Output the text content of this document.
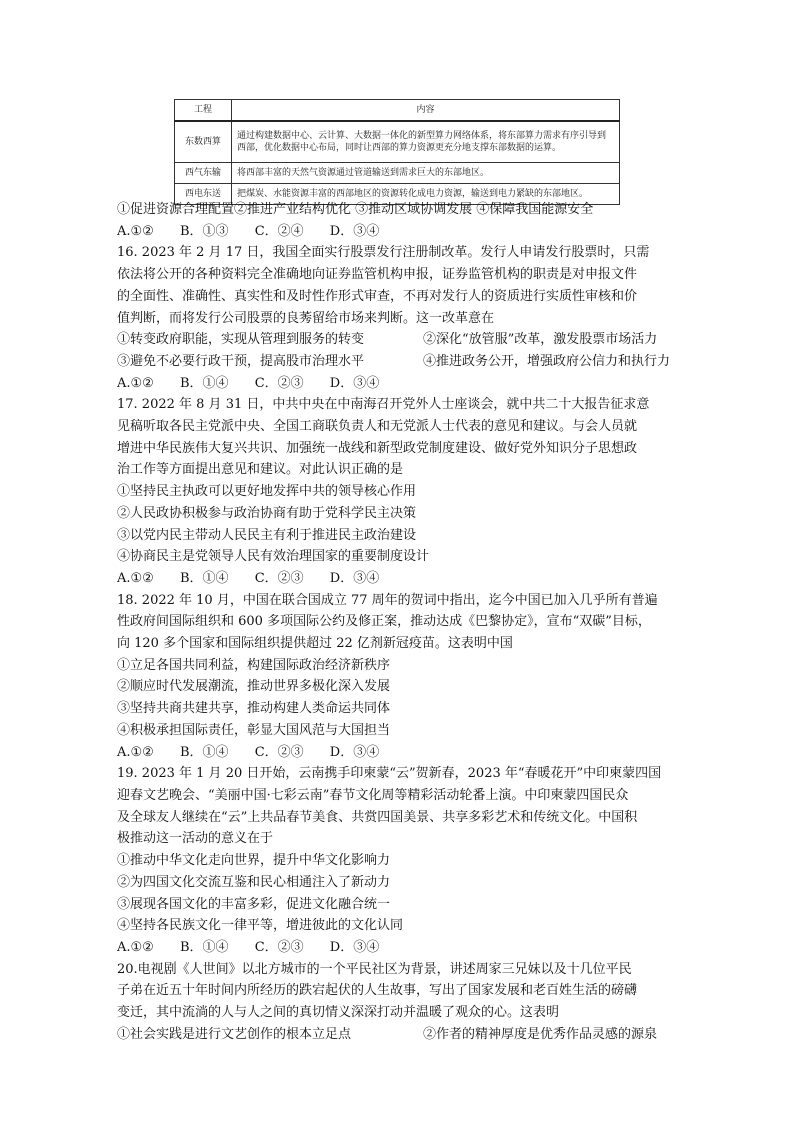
工程	内容
东数西算	通过构建数据中心、云计算、大数据一体化的新型算力网络体系，将东部算力需求有序引导到西部，优化数据中心布局，同时让西部的算力资源更充分地支撑东部数据的运算。
西气东输	将西部丰富的天然气资源通过管道输送到需求巨大的东部地区。
西电东送	把煤炭、水能资源丰富的西部地区的资源转化成电力资源，输送到电力紧缺的东部地区。
①促进资源合理配置②推进产业结构优化 ③推动区域协调发展 ④保障我国能源安全
A.①② B．①③ C．②④ D．③④
16. 2023 年 2 月 17 日，我国全面实行股票发行注册制改革。发行人申请发行股票时，只需
依法将公开的各种资料完全准确地向证券监管机构申报，证券监管机构的职责是对申报文件
的全面性、准确性、真实性和及时性作形式审查，不再对发行人的资质进行实质性审核和价
值判断，而将发行公司股票的良莠留给市场来判断。这一改革意在
①转变政府职能，实现从管理到服务的转变	②深化“放管服”改革，激发股票市场活力
③避免不必要行政干预，提高股市治理水平	④推进政务公开，增强政府公信力和执行力
A.①② B．①④ C．②③ D．③④
17. 2022 年 8 月 31 日，中共中央在中南海召开党外人士座谈会，就中共二十大报告征求意
见稿听取各民主党派中央、全国工商联负责人和无党派人士代表的意见和建议。与会人员就
增进中华民族伟大复兴共识、加强统一战线和新型政党制度建设、做好党外知识分子思想政
治工作等方面提出意见和建议。对此认识正确的是
①坚持民主执政可以更好地发挥中共的领导核心作用
②人民政协积极参与政治协商有助于党科学民主决策
③以党内民主带动人民民主有利于推进民主政治建设
④协商民主是党领导人民有效治理国家的重要制度设计
A.①② B．①④ C．②③ D．③④
18. 2022 年 10 月，中国在联合国成立 77 周年的贺词中指出，迄今中国已加入几乎所有普遍
性政府间国际组织和 600 多项国际公约及修正案，推动达成《巴黎协定》，宣布“双碳”目标，
向 120 多个国家和国际组织提供超过 22 亿剂新冠疫苗。这表明中国
①立足各国共同利益，构建国际政治经济新秩序
②顺应时代发展潮流，推动世界多极化深入发展
③坚持共商共建共享，推动构建人类命运共同体
④积极承担国际责任，彰显大国风范与大国担当
A.①② B．①④ C．②③ D．③④
19. 2023 年 1 月 20 日开始，云南携手印柬蒙“云”贺新春，2023 年“春暖花开”中印柬蒙四国
迎春文艺晚会、“美丽中国·七彩云南”春节文化周等精彩活动轮番上演。中印柬蒙四国民众
及全球友人继续在“云”上共品春节美食、共赏四国美景、共享多彩艺术和传统文化。中国积
极推动这一活动的意义在于
①推动中华文化走向世界，提升中华文化影响力
②为四国文化交流互鉴和民心相通注入了新动力
③展现各国文化的丰富多彩，促进文化融合统一
④坚持各民族文化一律平等，增进彼此的文化认同
A.①② B．①④ C．②③ D．③④
20.电视剧《人世间》以北方城市的一个平民社区为背景，讲述周家三兄妹以及十几位平民
子弟在近五十年时间内所经历的跌宕起伏的人生故事，写出了国家发展和老百姓生活的磅礴
变迁，其中流淌的人与人之间的真切情义深深打动并温暖了观众的心。这表明
①社会实践是进行文艺创作的根本立足点	②作者的精神厚度是优秀作品灵感的源泉
